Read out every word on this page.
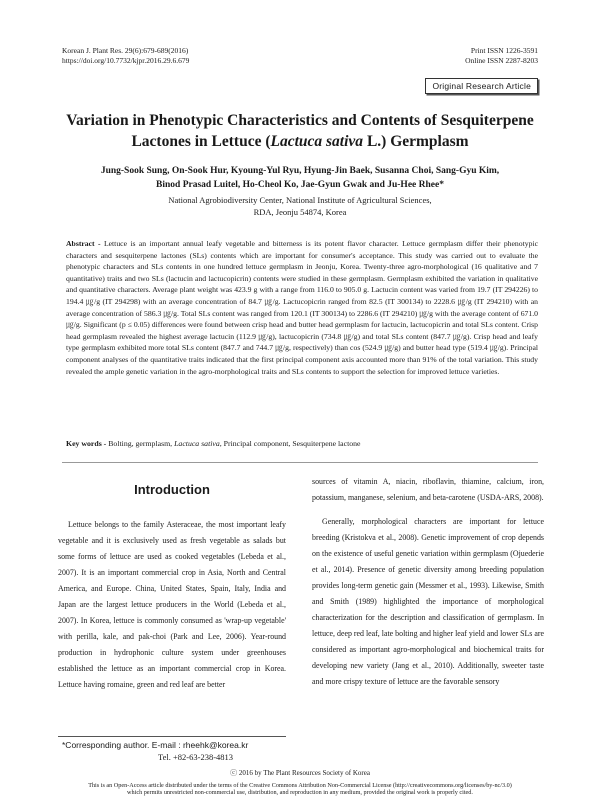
Korean J. Plant Res. 29(6):679-689(2016)
https://doi.org/10.7732/kjpr.2016.29.6.679
Print ISSN 1226-3591
Online ISSN 2287-8203
Original Research Article
Variation in Phenotypic Characteristics and Contents of Sesquiterpene
Lactones in Lettuce (Lactuca sativa L.) Germplasm
Jung-Sook Sung, On-Sook Hur, Kyoung-Yul Ryu, Hyung-Jin Baek, Susanna Choi, Sang-Gyu Kim,
Binod Prasad Luitel, Ho-Cheol Ko, Jae-Gyun Gwak and Ju-Hee Rhee*
National Agrobiodiversity Center, National Institute of Agricultural Sciences,
RDA, Jeonju 54874, Korea
Abstract - Lettuce is an important annual leafy vegetable and bitterness is its potent flavor character. Lettuce germplasm differ their phenotypic characters and sesquiterpene lactones (SLs) contents which are important for consumer's acceptance. This study was carried out to evaluate the phenotypic characters and SLs contents in one hundred lettuce germplasm in Jeonju, Korea. Twenty-three agro-morphological (16 qualitative and 7 quantitative) traits and two SLs (lactucin and lactucopicrin) contents were studied in these germplasm. Germplasm exhibited the variation in qualitative and quantitative characters. Average plant weight was 423.9 g with a range from 116.0 to 905.0 g. Lactucin content was varied from 19.7 (IT 294226) to 194.4 ㎍/g (IT 294298) with an average concentration of 84.7 ㎍/g. Lactucopicrin ranged from 82.5 (IT 300134) to 2228.6 ㎍/g (IT 294210) with an average concentration of 586.3 ㎍/g. Total SLs content was ranged from 120.1 (IT 300134) to 2286.6 (IT 294210) ㎍/g with the average content of 671.0 ㎍/g. Significant (p ≤ 0.05) differences were found between crisp head and butter head germplasm for lactucin, lactucopicrin and total SLs content. Crisp head germplasm revealed the highest average lactucin (112.9 ㎍/g), lactucopicrin (734.8 ㎍/g) and total SLs content (847.7 ㎍/g). Crisp head and leafy type germplasm exhibited more total SLs content (847.7 and 744.7 ㎍/g, respectively) than cos (524.9 ㎍/g) and butter head type (519.4 ㎍/g). Principal component analyses of the quantitative traits indicated that the first principal component axis accounted more than 91% of the total variation. This study revealed the ample genetic variation in the agro-morphological traits and SLs contents to support the selection for improved lettuce varieties.
Key words - Bolting, germplasm, Lactuca sativa, Principal component, Sesquiterpene lactone
Introduction

Lettuce belongs to the family Asteraceae, the most important leafy vegetable and it is exclusively used as fresh vegetable as salads but some forms of lettuce are used as cooked vegetables (Lebeda et al., 2007). It is an important commercial crop in Asia, North and Central America, and Europe. China, United States, Spain, Italy, India and Japan are the largest lettuce producers in the World (Lebeda et al., 2007). In Korea, lettuce is commonly consumed as 'wrap-up vegetable' with perilla, kale, and pak-choi (Park and Lee, 2006). Year-round production in hydrophonic culture system under greenhouses established the lettuce as an important commercial crop in Korea. Lettuce having romaine, green and red leaf are better

sources of vitamin A, niacin, riboflavin, thiamine, calcium, iron, potassium, manganese, selenium, and beta-carotene (USDA-ARS, 2008).

Generally, morphological characters are important for lettuce breeding (Kristokva et al., 2008). Genetic improvement of crop depends on the existence of useful genetic variation within germplasm (Ojuederie et al., 2014). Presence of genetic diversity among breeding population provides long-term genetic gain (Messmer et al., 1993). Likewise, Smith and Smith (1989) highlighted the importance of morphological characterization for the description and classification of germplasm. In lettuce, deep red leaf, late bolting and higher leaf yield and lower SLs are considered as important agro-morphological and biochemical traits for developing new variety (Jang et al., 2010). Additionally, sweeter taste and more crispy texture of lettuce are the favorable sensory

*Corresponding author. E-mail : rheehk@korea.kr
Tel. +82-63-238-4813
ⓒ 2016 by The Plant Resources Society of Korea
This is an Open-Access article distributed under the terms of the Creative Commons Attribution Non-Commercial License (http://creativecommons.org/licenses/by-nc/3.0)
which permits unrestricted non-commercial use, distribution, and reproduction in any medium, provided the original work is properly cited.
